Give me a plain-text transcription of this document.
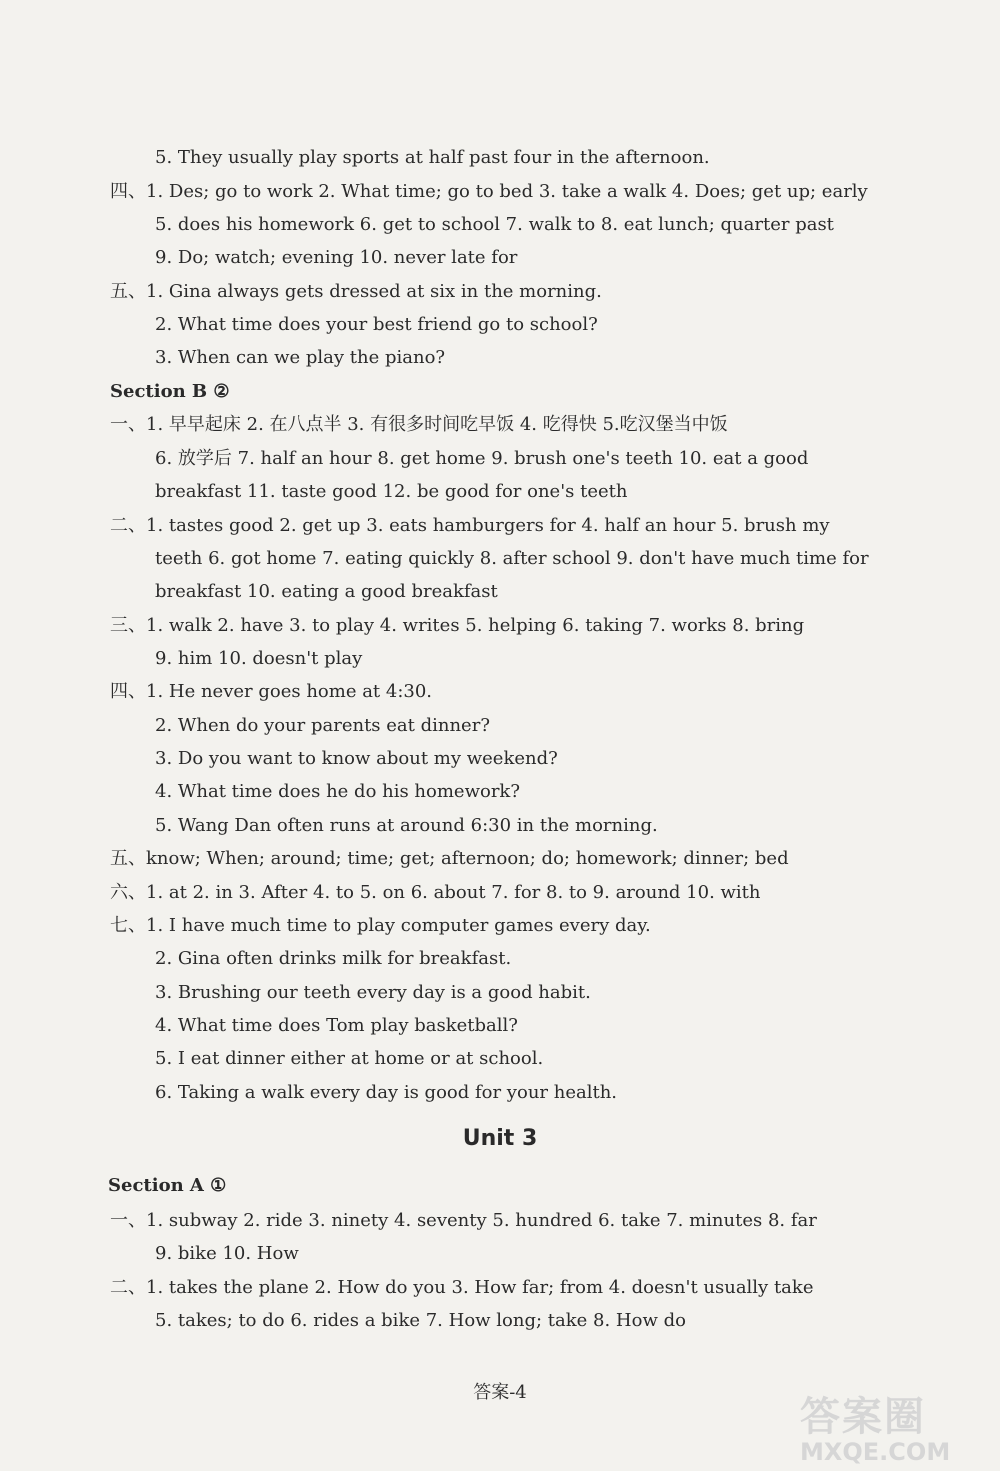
5. They usually play sports at half past four in the afternoon.
四、1. Des; go to work 2. What time; go to bed 3. take a walk 4. Does; get up; early
5. does his homework 6. get to school 7. walk to 8. eat lunch; quarter past
9. Do; watch; evening 10. never late for
五、1. Gina always gets dressed at six in the morning.
2. What time does your best friend go to school?
3. When can we play the piano?
Section B ②
一、1. 早早起床 2. 在八点半 3. 有很多时间吃早饭 4. 吃得快 5.吃汉堡当中饭
6. 放学后 7. half an hour 8. get home 9. brush one's teeth 10. eat a good
breakfast 11. taste good 12. be good for one's teeth
二、1. tastes good 2. get up 3. eats hamburgers for 4. half an hour 5. brush my
teeth 6. got home 7. eating quickly 8. after school 9. don't have much time for
breakfast 10. eating a good breakfast
三、1. walk 2. have 3. to play 4. writes 5. helping 6. taking 7. works 8. bring
9. him 10. doesn't play
四、1. He never goes home at 4:30.
2. When do your parents eat dinner?
3. Do you want to know about my weekend?
4. What time does he do his homework?
5. Wang Dan often runs at around 6:30 in the morning.
五、know; When; around; time; get; afternoon; do; homework; dinner; bed
六、1. at 2. in 3. After 4. to 5. on 6. about 7. for 8. to 9. around 10. with
七、1. I have much time to play computer games every day.
2. Gina often drinks milk for breakfast.
3. Brushing our teeth every day is a good habit.
4. What time does Tom play basketball?
5. I eat dinner either at home or at school.
6. Taking a walk every day is good for your health.
Unit 3
Section A ①
一、1. subway 2. ride 3. ninety 4. seventy 5. hundred 6. take 7. minutes 8. far
9. bike 10. How
二、1. takes the plane 2. How do you 3. How far; from 4. doesn't usually take
5. takes; to do 6. rides a bike 7. How long; take 8. How do
答案-4
答案圈
MXQE.COM
